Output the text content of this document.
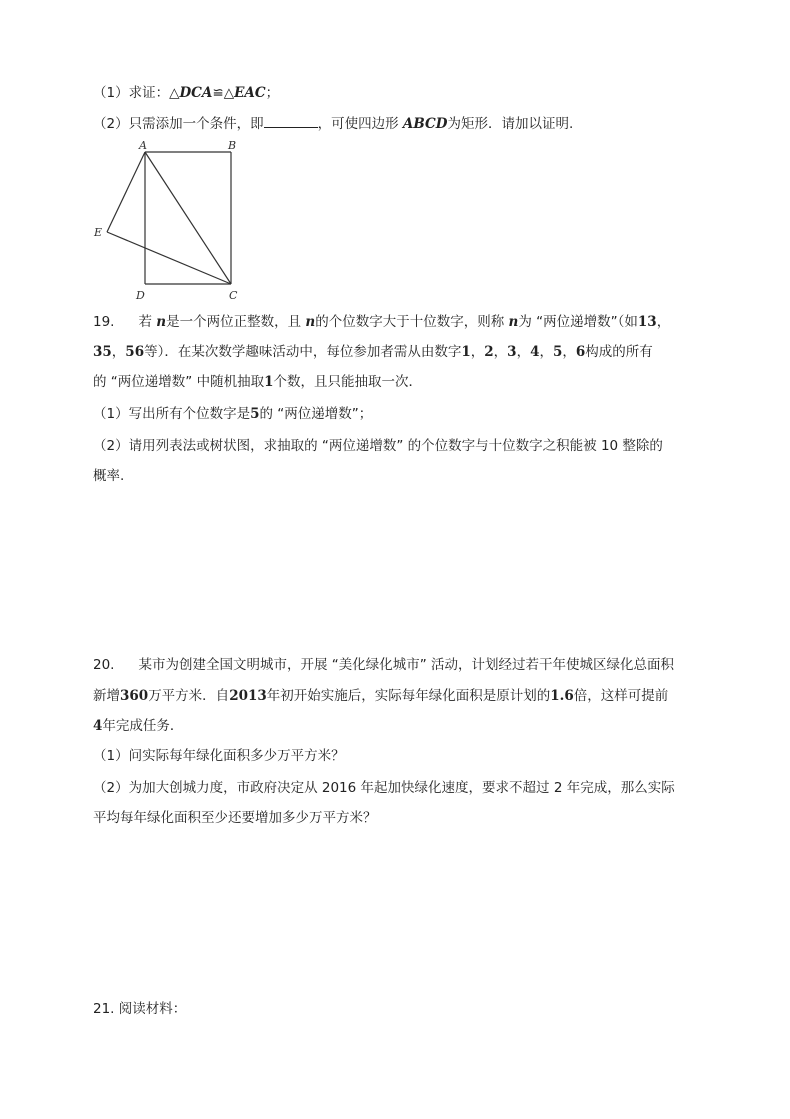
（1）求证：△DCA≌△EAC；
（2）只需添加一个条件，即	，可使四边形 ABCD为矩形．请加以证明.
A	B
E
D	C
19. 若 n是一个两位正整数，且 n的个位数字大于十位数字，则称 n为 “两位递增数”（如13，
35，56等）．在某次数学趣味活动中，每位参加者需从由数字1，2，3，4，5，6构成的所有
的 “两位递增数” 中随机抽取1个数，且只能抽取一次．
（1）写出所有个位数字是5的 “两位递增数”；
（2）请用列表法或树状图，求抽取的 “两位递增数” 的个位数字与十位数字之积能被 10 整除的
概率.
20. 某市为创建全国文明城市，开展 “美化绿化城市” 活动，计划经过若干年使城区绿化总面积
新增360万平方米．自2013年初开始实施后，实际每年绿化面积是原计划的1.6倍，这样可提前
4年完成任务．
（1）问实际每年绿化面积多少万平方米？
（2）为加大创城力度，市政府决定从 2016 年起加快绿化速度，要求不超过 2 年完成，那么实际
平均每年绿化面积至少还要增加多少万平方米？
21. 阅读材料：
